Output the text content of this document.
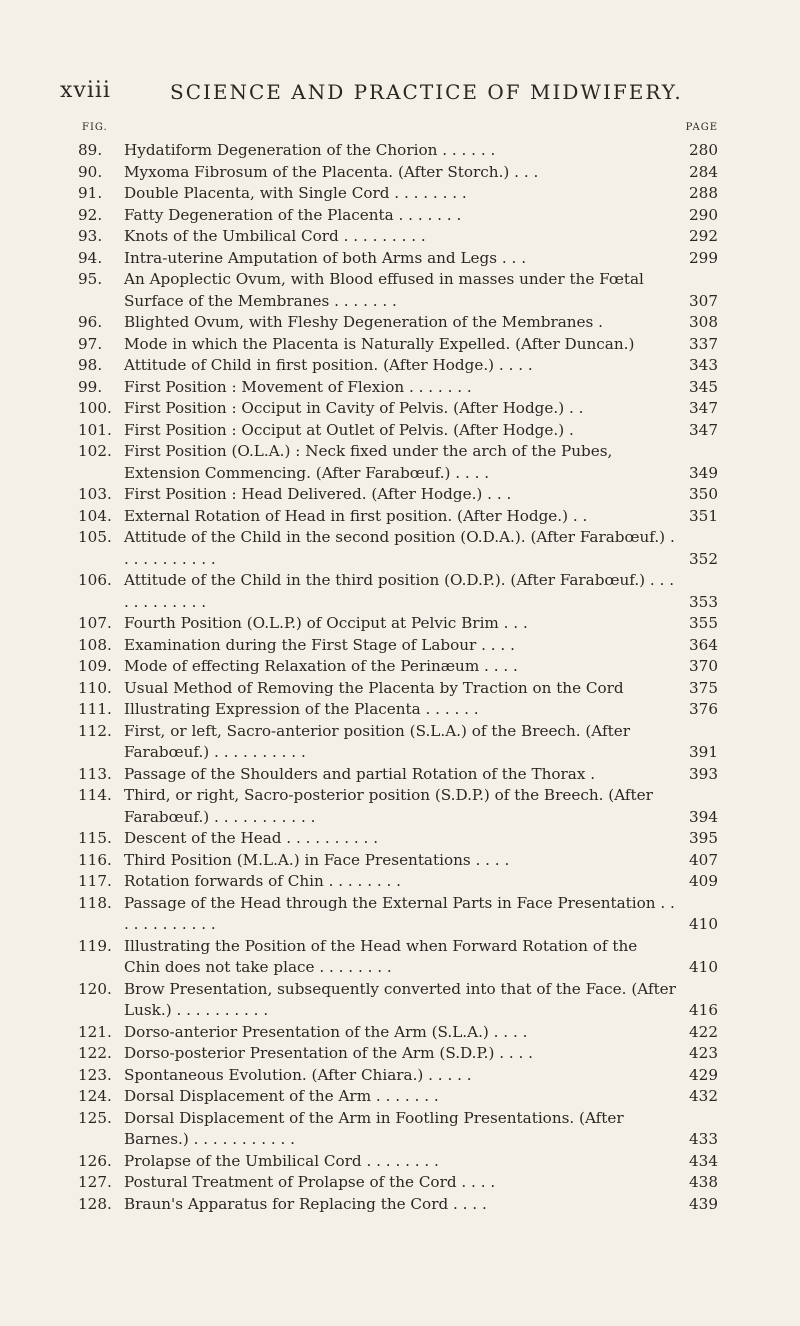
xviii	SCIENCE AND PRACTICE OF MIDWIFERY.
FIG.	PAGE
89.	Hydatiform Degeneration of the Chorion . . . . . .	280
90.	Myxoma Fibrosum of the Placenta. (After Storch.) . . .	284
91.	Double Placenta, with Single Cord . . . . . . . .	288
92.	Fatty Degeneration of the Placenta . . . . . . .	290
93.	Knots of the Umbilical Cord . . . . . . . . .	292
94.	Intra-uterine Amputation of both Arms and Legs . . .	299
95.	An Apoplectic Ovum, with Blood effused in masses under the Fœtal Surface of the Membranes . . . . . . .	307
96.	Blighted Ovum, with Fleshy Degeneration of the Membranes .	308
97.	Mode in which the Placenta is Naturally Expelled. (After Duncan.)	337
98.	Attitude of Child in first position. (After Hodge.) . . . .	343
99.	First Position : Movement of Flexion . . . . . . .	345
100. First Position : Occiput in Cavity of Pelvis. (After Hodge.) . .	347
101. First Position : Occiput at Outlet of Pelvis. (After Hodge.) .	347
102. First Position (O.L.A.) : Neck fixed under the arch of the Pubes, Extension Commencing. (After Farabœuf.) . . . .	349
103. First Position : Head Delivered. (After Hodge.) . . .	350
104. External Rotation of Head in first position. (After Hodge.) . .	351
105. Attitude of the Child in the second position (O.D.A.). (After Farabœuf.) . . . . . . . . . . .	352
106. Attitude of the Child in the third position (O.D.P.). (After Farabœuf.) . . . . . . . . . . . .	353
107. Fourth Position (O.L.P.) of Occiput at Pelvic Brim . . .	355
108. Examination during the First Stage of Labour . . . .	364
109. Mode of effecting Relaxation of the Perinæum . . . .	370
110. Usual Method of Removing the Placenta by Traction on the Cord	375
111. Illustrating Expression of the Placenta . . . . . .	376
112. First, or left, Sacro-anterior position (S.L.A.) of the Breech. (After Farabœuf.) . . . . . . . . . .	391
113. Passage of the Shoulders and partial Rotation of the Thorax .	393
114. Third, or right, Sacro-posterior position (S.D.P.) of the Breech. (After Farabœuf.) . . . . . . . . . . .	394
115. Descent of the Head . . . . . . . . . .	395
116. Third Position (M.L.A.) in Face Presentations . . . .	407
117. Rotation forwards of Chin . . . . . . . .	409
118. Passage of the Head through the External Parts in Face Presentation . . . . . . . . . . . .	410
119. Illustrating the Position of the Head when Forward Rotation of the Chin does not take place . . . . . . . .	410
120. Brow Presentation, subsequently converted into that of the Face. (After Lusk.) . . . . . . . . . .	416
121. Dorso-anterior Presentation of the Arm (S.L.A.) . . . .	422
122. Dorso-posterior Presentation of the Arm (S.D.P.) . . . .	423
123. Spontaneous Evolution. (After Chiara.) . . . . .	429
124. Dorsal Displacement of the Arm . . . . . . .	432
125. Dorsal Displacement of the Arm in Footling Presentations. (After Barnes.) . . . . . . . . . . .	433
126. Prolapse of the Umbilical Cord . . . . . . . .	434
127. Postural Treatment of Prolapse of the Cord . . . .	438
128. Braun's Apparatus for Replacing the Cord . . . .	439
